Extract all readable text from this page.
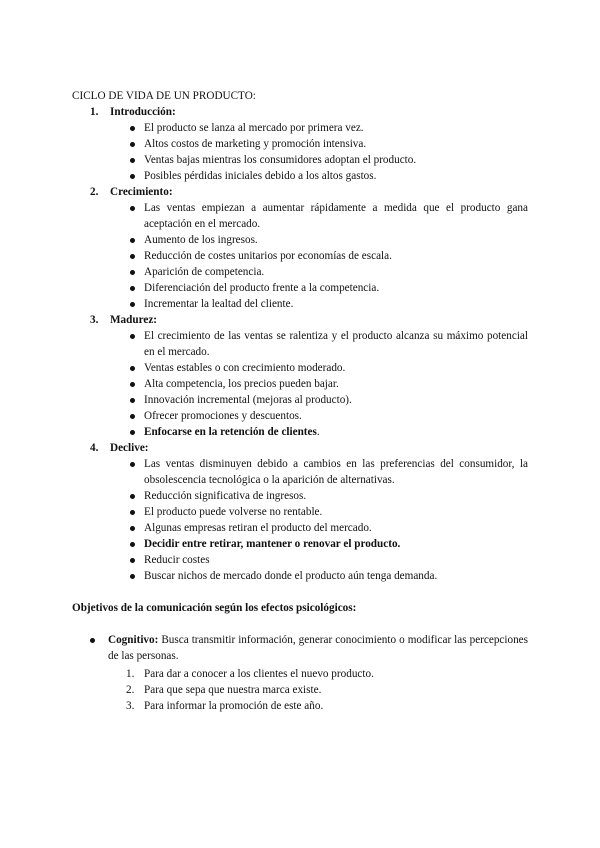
CICLO DE VIDA DE UN PRODUCTO:
1. Introducción:
El producto se lanza al mercado por primera vez.
Altos costos de marketing y promoción intensiva.
Ventas bajas mientras los consumidores adoptan el producto.
Posibles pérdidas iniciales debido a los altos gastos.
2. Crecimiento:
Las ventas empiezan a aumentar rápidamente a medida que el producto gana aceptación en el mercado.
Aumento de los ingresos.
Reducción de costes unitarios por economías de escala.
Aparición de competencia.
Diferenciación del producto frente a la competencia.
Incrementar la lealtad del cliente.
3. Madurez:
El crecimiento de las ventas se ralentiza y el producto alcanza su máximo potencial en el mercado.
Ventas estables o con crecimiento moderado.
Alta competencia, los precios pueden bajar.
Innovación incremental (mejoras al producto).
Ofrecer promociones y descuentos.
Enfocarse en la retención de clientes.
4. Declive:
Las ventas disminuyen debido a cambios en las preferencias del consumidor, la obsolescencia tecnológica o la aparición de alternativas.
Reducción significativa de ingresos.
El producto puede volverse no rentable.
Algunas empresas retiran el producto del mercado.
Decidir entre retirar, mantener o renovar el producto.
Reducir costes
Buscar nichos de mercado donde el producto aún tenga demanda.
Objetivos de la comunicación según los efectos psicológicos:
Cognitivo: Busca transmitir información, generar conocimiento o modificar las percepciones de las personas.
1. Para dar a conocer a los clientes el nuevo producto.
2. Para que sepa que nuestra marca existe.
3. Para informar la promoción de este año.
